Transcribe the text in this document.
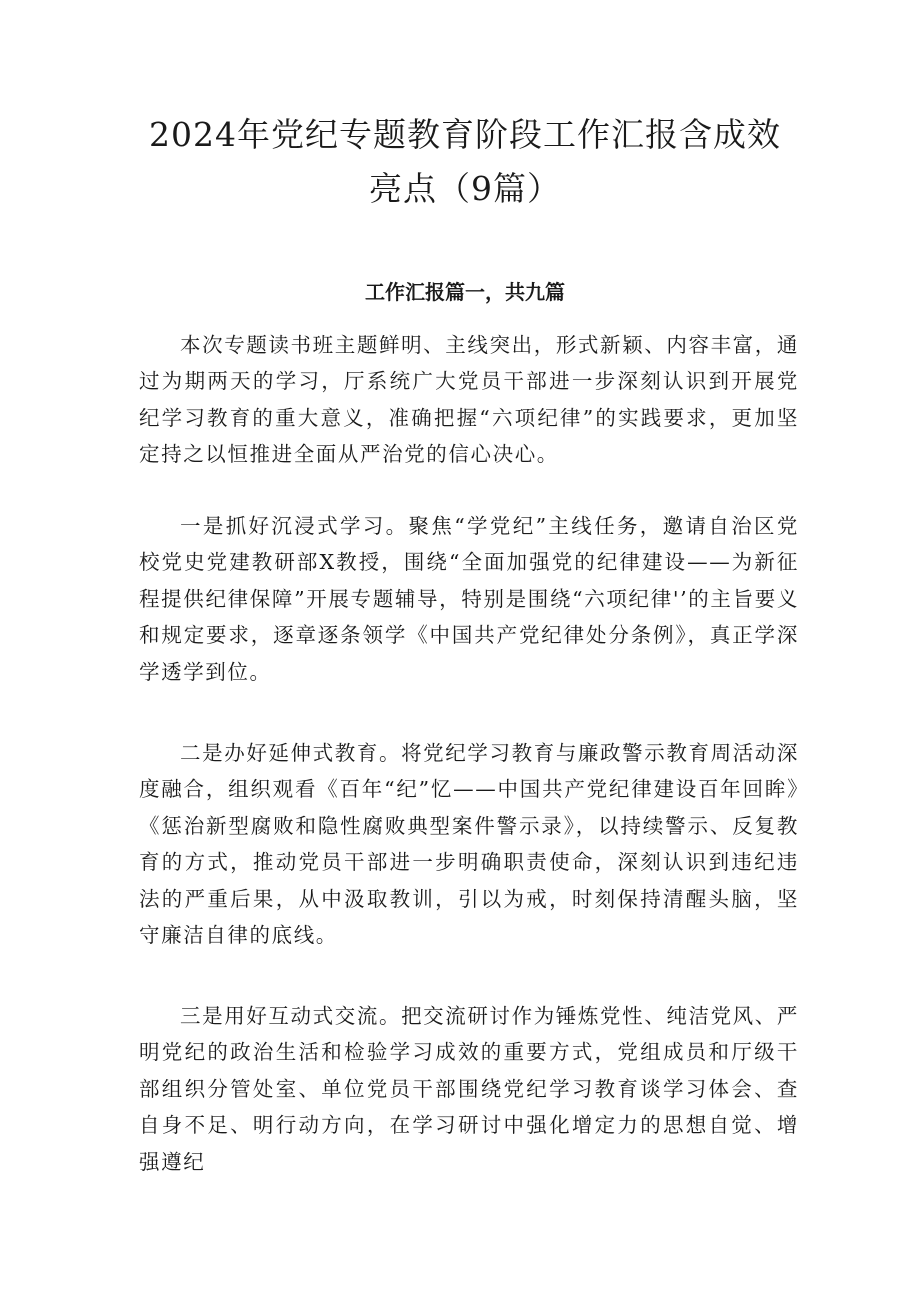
2024年党纪专题教育阶段工作汇报含成效
亮点（9篇）
工作汇报篇一，共九篇

本次专题读书班主题鲜明、主线突出，形式新颖、内容丰富，通过为期两天的学习，厅系统广大党员干部进一步深刻认识到开展党纪学习教育的重大意义，准确把握“六项纪律”的实践要求，更加坚定持之以恒推进全面从严治党的信心决心。

一是抓好沉浸式学习。聚焦“学党纪”主线任务，邀请自治区党校党史党建教研部X教授，围绕“全面加强党的纪律建设——为新征程提供纪律保障”开展专题辅导，特别是围绕“六项纪律'’的主旨要义和规定要求，逐章逐条领学《中国共产党纪律处分条例》，真正学深学透学到位。

二是办好延伸式教育。将党纪学习教育与廉政警示教育周活动深度融合，组织观看《百年“纪”忆——中国共产党纪律建设百年回眸》《惩治新型腐败和隐性腐败典型案件警示录》，以持续警示、反复教育的方式，推动党员干部进一步明确职责使命，深刻认识到违纪违法的严重后果，从中汲取教训，引以为戒，时刻保持清醒头脑，坚守廉洁自律的底线。

三是用好互动式交流。把交流研讨作为锤炼党性、纯洁党风、严明党纪的政治生活和检验学习成效的重要方式，党组成员和厅级干部组织分管处室、单位党员干部围绕党纪学习教育谈学习体会、查自身不足、明行动方向，在学习研讨中强化增定力的思想自觉、增强遵纪
